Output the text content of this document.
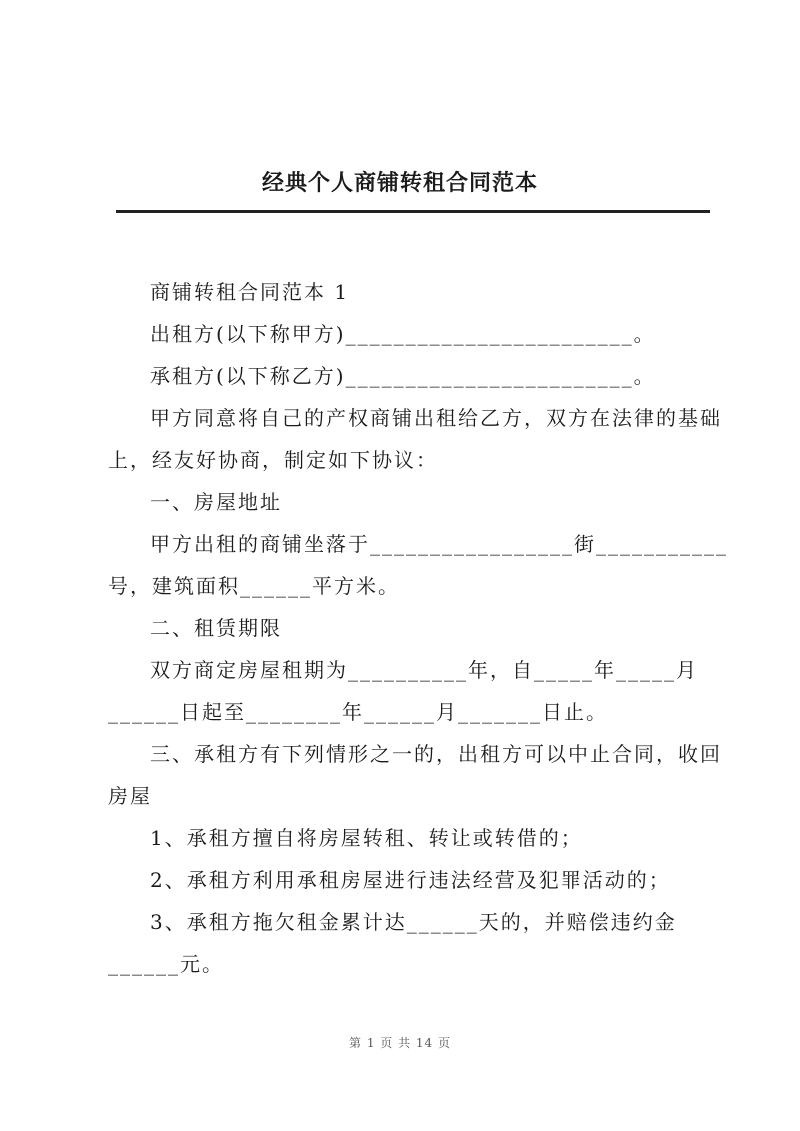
经典个人商铺转租合同范本
商铺转租合同范本 1
出租方(以下称甲方)________________________。
承租方(以下称乙方)________________________。
甲方同意将自己的产权商铺出租给乙方，双方在法律的基础
上，经友好协商，制定如下协议：
一、房屋地址
甲方出租的商铺坐落于_________________街___________
号，建筑面积______平方米。
二、租赁期限
双方商定房屋租期为__________年，自_____年_____月
______日起至________年______月_______日止。
三、承租方有下列情形之一的，出租方可以中止合同，收回
房屋
1、承租方擅自将房屋转租、转让或转借的；
2、承租方利用承租房屋进行违法经营及犯罪活动的；
3、承租方拖欠租金累计达______天的，并赔偿违约金
______元。
第 1 页 共 14 页
